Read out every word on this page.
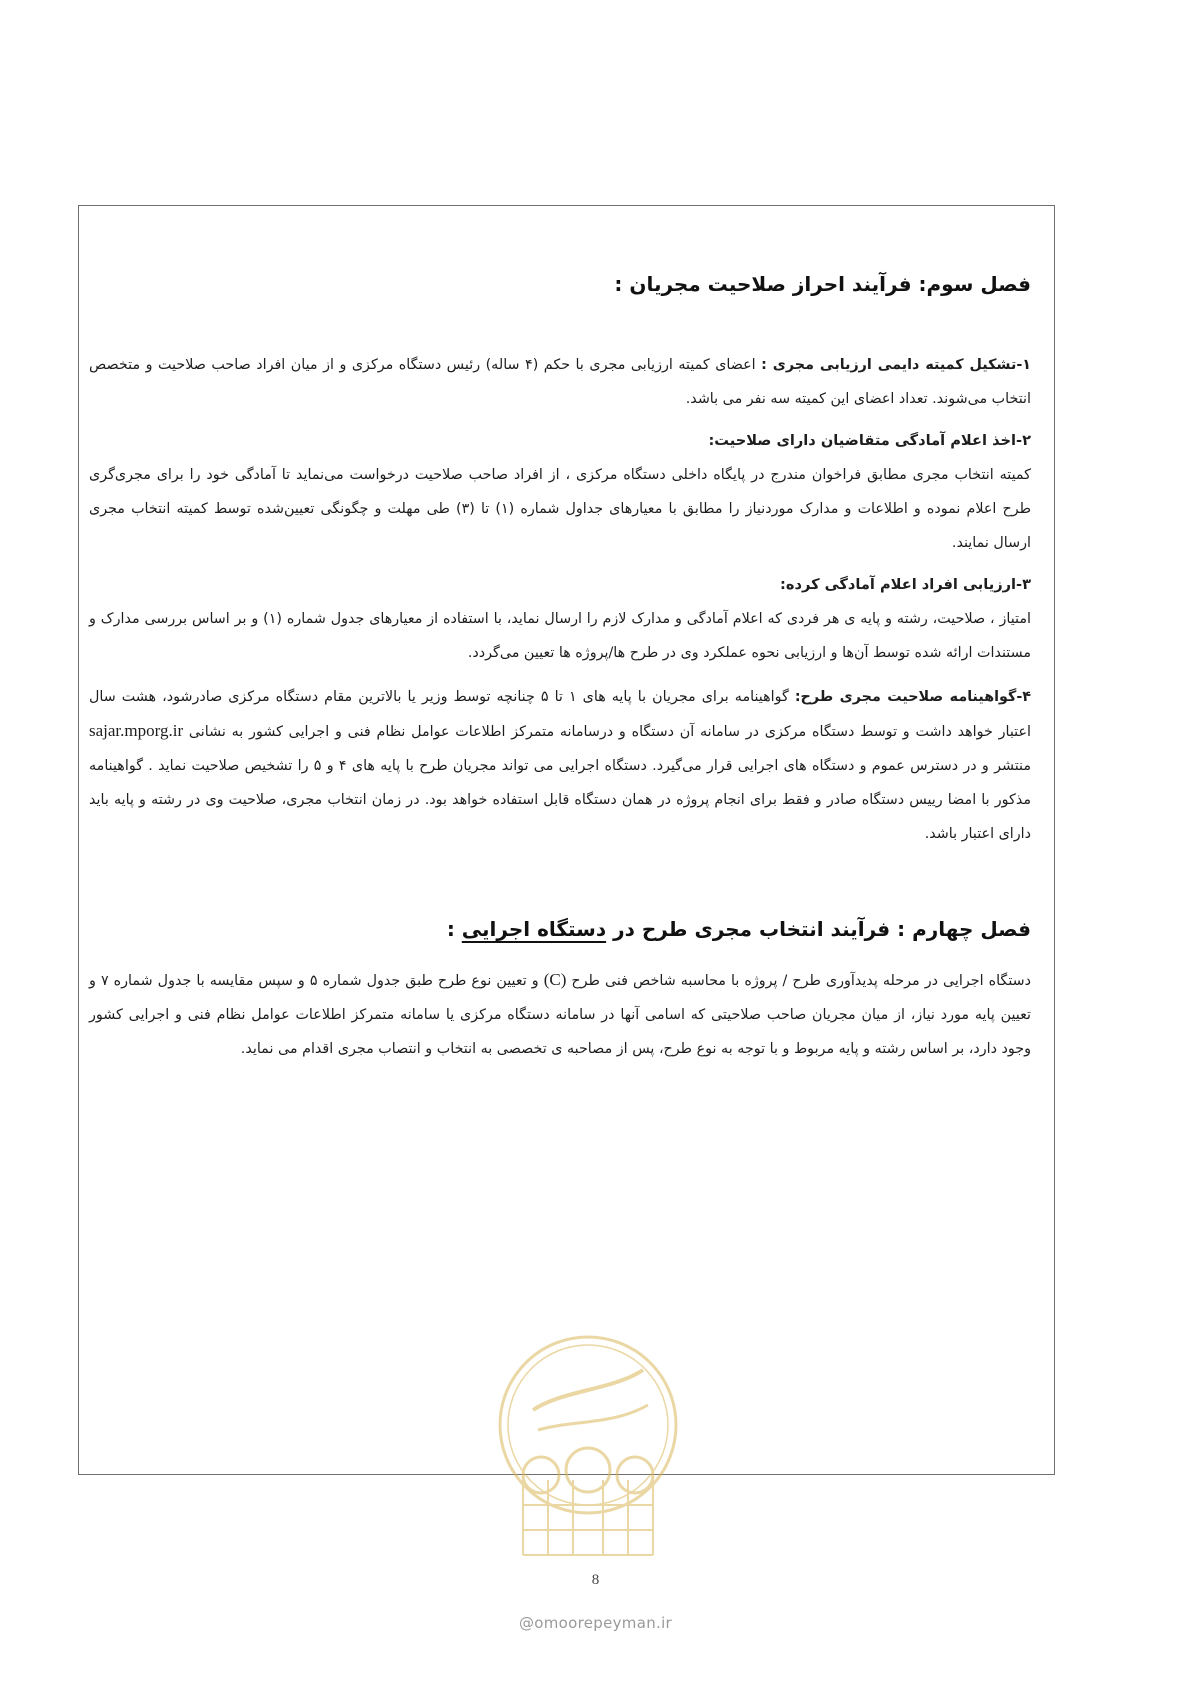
فصل سوم: فرآیند احراز صلاحیت مجریان :

۱-تشکیل کمیته دایمی ارزیابی مجری : اعضای کمیته ارزیابی مجری با حکم (۴ ساله) رئیس دستگاه مرکزی و از میان افراد صاحب صلاحیت و متخصص انتخاب می‌شوند. تعداد اعضای این کمیته سه نفر می باشد.

۲-اخذ اعلام آمادگی متقاضیان دارای صلاحیت:

کمیته انتخاب مجری مطابق فراخوان مندرج در پایگاه داخلی دستگاه مرکزی ، از افراد صاحب صلاحیت درخواست می‌نماید تا آمادگی خود را برای مجری‌گری طرح اعلام نموده و اطلاعات و مدارک موردنیاز را مطابق با معیارهای جداول شماره (۱) تا (۳) طی مهلت و چگونگی تعیین‌شده توسط کمیته انتخاب مجری ارسال نمایند.

۳-ارزیابی افراد اعلام آمادگی کرده:

امتیاز ، صلاحیت، رشته و پایه ی هر فردی که اعلام آمادگی و مدارک لازم را ارسال نماید، با استفاده از معیارهای جدول شماره (۱) و بر اساس بررسی مدارک و مستندات ارائه شده توسط آن‌ها و ارزیابی نحوه عملکرد وی در طرح ها/پروژه ها تعیین می‌گردد.

۴-گواهینامه صلاحیت مجری طرح: گواهینامه برای مجریان با پایه های ۱ تا ۵ چنانچه توسط وزیر یا بالاترین مقام دستگاه مرکزی صادرشود، هشت سال اعتبار خواهد داشت و توسط دستگاه مرکزی در سامانه آن دستگاه و درسامانه متمرکز اطلاعات عوامل نظام فنی و اجرایی کشور به نشانی sajar.mporg.ir منتشر و در دسترس عموم و دستگاه های اجرایی قرار می‌گیرد. دستگاه اجرایی می تواند مجریان طرح با پایه های ۴ و ۵ را تشخیص صلاحیت نماید . گواهینامه مذکور با امضا رییس دستگاه صادر و فقط برای انجام پروژه در همان دستگاه قابل استفاده خواهد بود. در زمان انتخاب مجری، صلاحیت وی در رشته و پایه باید دارای اعتبار باشد.

فصل چهارم : فرآیند انتخاب مجری طرح در دستگاه اجرایی :

دستگاه اجرایی در مرحله پدیدآوری طرح / پروژه با محاسبه شاخص فنی طرح (C) و تعیین نوع طرح طبق جدول شماره ۵ و سپس مقایسه با جدول شماره ۷ و تعیین پایه مورد نیاز، از میان مجریان صاحب صلاحیتی که اسامی آنها در سامانه دستگاه مرکزی یا سامانه متمرکز اطلاعات عوامل نظام فنی و اجرایی کشور وجود دارد، بر اساس رشته و پایه مربوط و با توجه به نوع طرح، پس از مصاحبه ی تخصصی به انتخاب و انتصاب مجری اقدام می نماید.

8
@omoorepeyman.ir
